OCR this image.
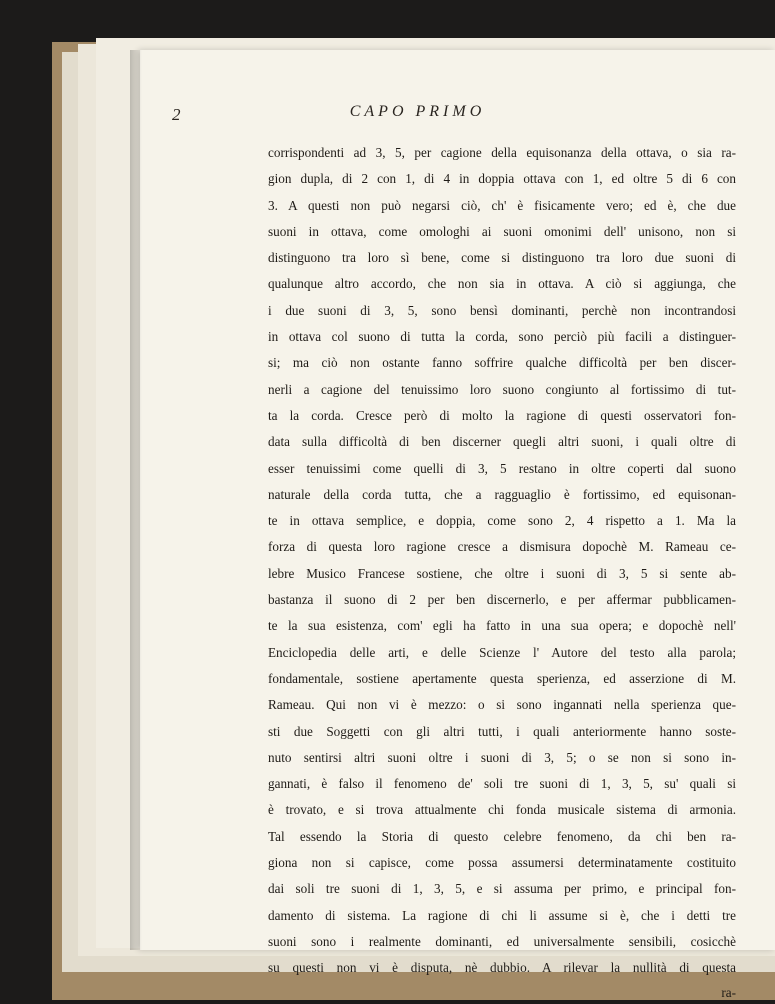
2	CAPO PRIMO
corrispondenti ad 3, 5, per cagione della equisonanza della ottava, o sia ra-
gion dupla, di 2 con 1, di 4 in doppia ottava con 1, ed oltre 5 di 6 con
3. A questi non può negarsi ciò, ch' è fisicamente vero; ed è, che due
suoni in ottava, come omologhi ai suoni omonimi dell' unisono, non si
distinguono tra loro sì bene, come si distinguono tra loro due suoni di
qualunque altro accordo, che non sia in ottava. A ciò si aggiunga, che
i due suoni di 3, 5, sono bensì dominanti, perchè non incontrandosi
in ottava col suono di tutta la corda, sono perciò più facili a distinguer-
si; ma ciò non ostante fanno soffrire qualche difficoltà per ben discer-
nerli a cagione del tenuissimo loro suono congiunto al fortissimo di tut-
ta la corda. Cresce però di molto la ragione di questi osservatori fon-
data sulla difficoltà di ben discerner quegli altri suoni, i quali oltre di
esser tenuissimi come quelli di 3, 5 restano in oltre coperti dal suono
naturale della corda tutta, che a ragguaglio è fortissimo, ed equisonan-
te in ottava semplice, e doppia, come sono 2, 4 rispetto a 1. Ma la
forza di questa loro ragione cresce a dismisura dopochè M. Rameau ce-
lebre Musico Francese sostiene, che oltre i suoni di 3, 5 si sente ab-
bastanza il suono di 2 per ben discernerlo, e per affermar pubblicamen-
te la sua esistenza, com' egli ha fatto in una sua opera; e dopochè nell'
Enciclopedia delle arti, e delle Scienze l' Autore del testo alla parola;
fondamentale, sostiene apertamente questa sperienza, ed asserzione di M.
Rameau. Qui non vi è mezzo: o si sono ingannati nella sperienza que-
sti due Soggetti con gli altri tutti, i quali anteriormente hanno soste-
nuto sentirsi altri suoni oltre i suoni di 3, 5; o se non si sono in-
gannati, è falso il fenomeno de' soli tre suoni di 1, 3, 5, su' quali si
è trovato, e si trova attualmente chi fonda musicale sistema di armonia.
Tal essendo la Storia di questo celebre fenomeno, da chi ben ra-
giona non si capisce, come possa assumersi determinatamente costituito
dai soli tre suoni di 1, 3, 5, e si assuma per primo, e principal fon-
damento di sistema. La ragione di chi li assume si è, che i detti tre
suoni sono i realmente dominanti, ed universalmente sensibili, cosicchè
su questi non vi è disputa, nè dubbio. A rilevar la nullità di questa
ra-
